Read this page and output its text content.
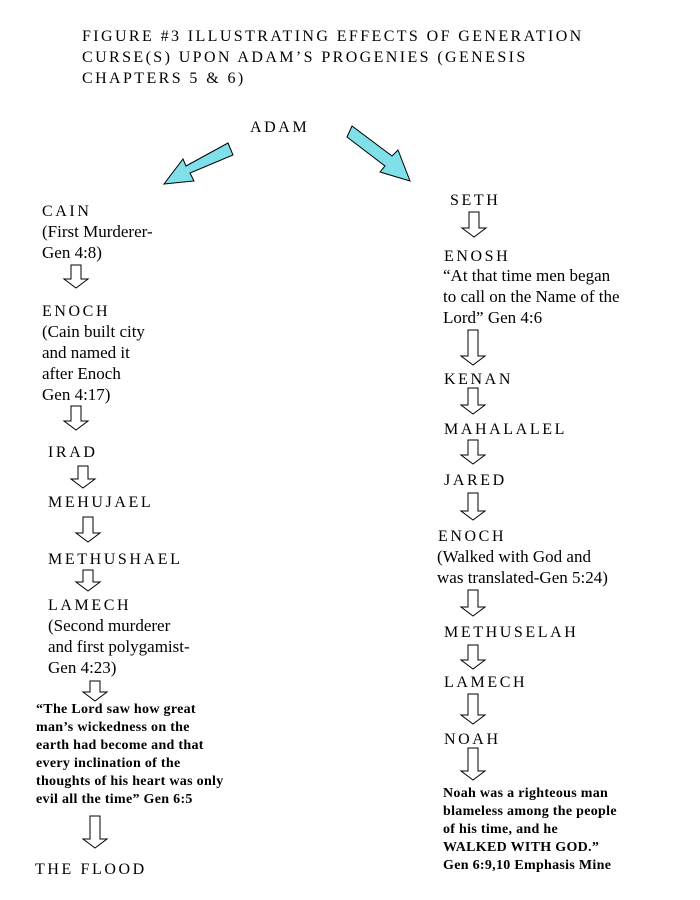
FIGURE #3 ILLUSTRATING EFFECTS OF GENERATION
CURSE(S) UPON ADAM’S PROGENIES (GENESIS
CHAPTERS 5 & 6)
ADAM
CAIN
(First Murderer-
Gen 4:8)
ENOCH
(Cain built city
and named it
after Enoch
Gen 4:17)
IRAD
MEHUJAEL
METHUSHAEL
LAMECH
(Second murderer
and first polygamist-
Gen 4:23)
“The Lord saw how great
man’s wickedness on the
earth had become and that
every inclination of the
thoughts of his heart was only
evil all the time” Gen 6:5
THE FLOOD
SETH
ENOSH
“At that time men began
to call on the Name of the
Lord” Gen 4:6
KENAN
MAHALALEL
JARED
ENOCH
(Walked with God and
was translated-Gen 5:24)
METHUSELAH
LAMECH
NOAH
Noah was a righteous man
blameless among the people
of his time, and he
WALKED WITH GOD.”
Gen 6:9,10 Emphasis Mine
